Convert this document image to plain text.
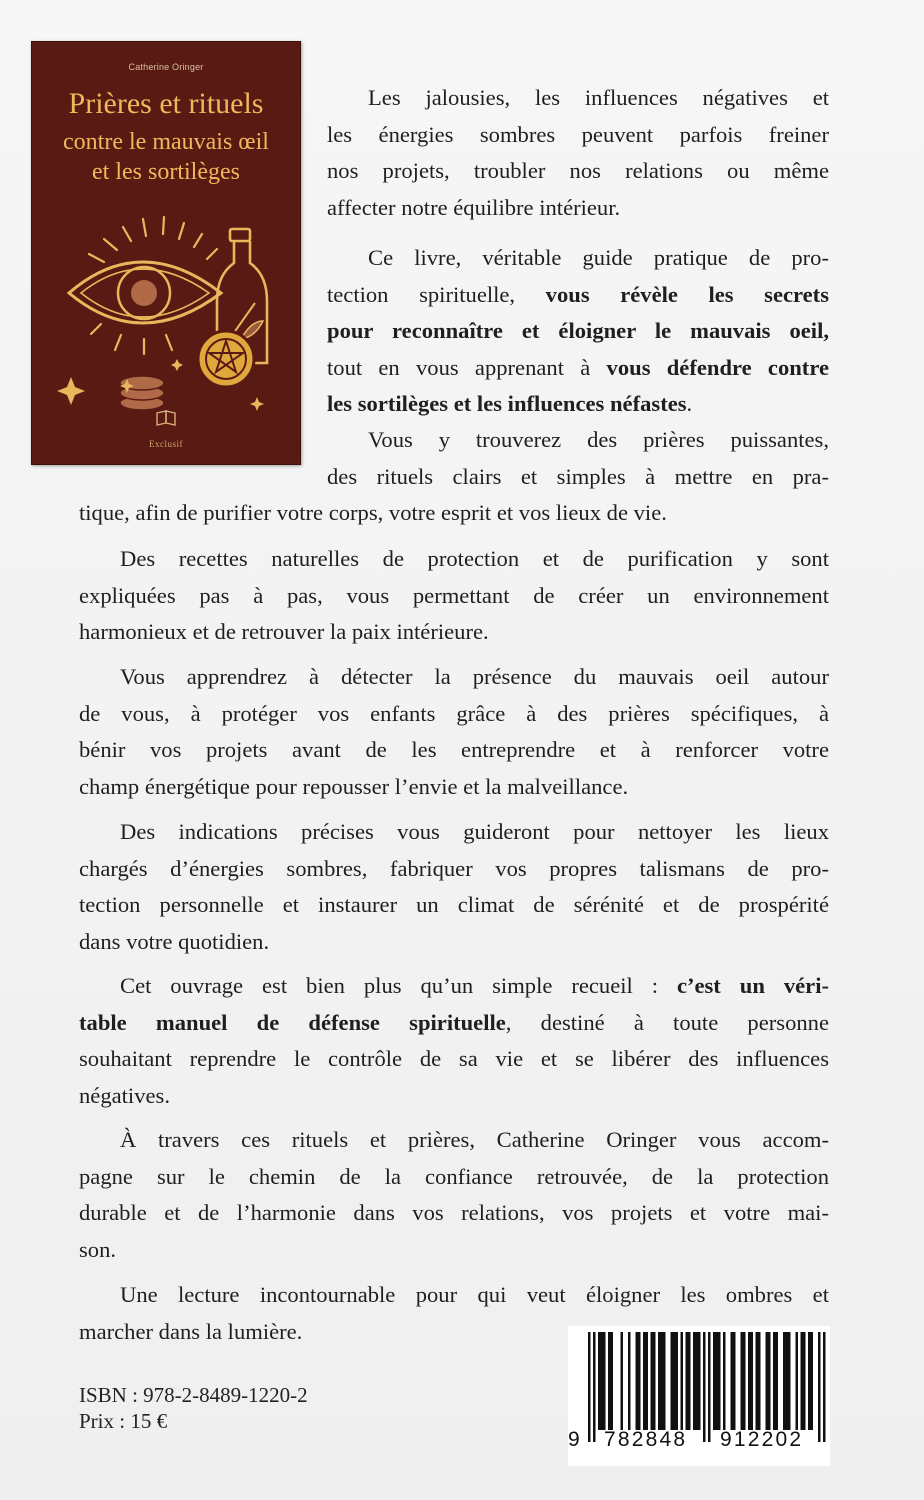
Catherine Oringer
Prières et rituels
contre le mauvais œil
et les sortilèges
Exclusif

Les jalousies, les influences négatives et
les énergies sombres peuvent parfois freiner
nos projets, troubler nos relations ou même
affecter notre équilibre intérieur.

Ce livre, véritable guide pratique de pro-
tection spirituelle, vous révèle les secrets
pour reconnaître et éloigner le mauvais oeil,
tout en vous apprenant à vous défendre contre
les sortilèges et les influences néfastes.

Vous y trouverez des prières puissantes,
des rituels clairs et simples à mettre en pra-
tique, afin de purifier votre corps, votre esprit et vos lieux de vie.

Des recettes naturelles de protection et de purification y sont
expliquées pas à pas, vous permettant de créer un environnement
harmonieux et de retrouver la paix intérieure.

Vous apprendrez à détecter la présence du mauvais oeil autour
de vous, à protéger vos enfants grâce à des prières spécifiques, à
bénir vos projets avant de les entreprendre et à renforcer votre
champ énergétique pour repousser l’envie et la malveillance.

Des indications précises vous guideront pour nettoyer les lieux
chargés d’énergies sombres, fabriquer vos propres talismans de pro-
tection personnelle et instaurer un climat de sérénité et de prospérité
dans votre quotidien.

Cet ouvrage est bien plus qu’un simple recueil : c’est un véri-
table manuel de défense spirituelle, destiné à toute personne
souhaitant reprendre le contrôle de sa vie et se libérer des influences
négatives.

À travers ces rituels et prières, Catherine Oringer vous accom-
pagne sur le chemin de la confiance retrouvée, de la protection
durable et de l’harmonie dans vos relations, vos projets et votre mai-
son.

Une lecture incontournable pour qui veut éloigner les ombres et
marcher dans la lumière.

ISBN : 978-2-8489-1220-2
Prix : 15 €
9 782848 912202
